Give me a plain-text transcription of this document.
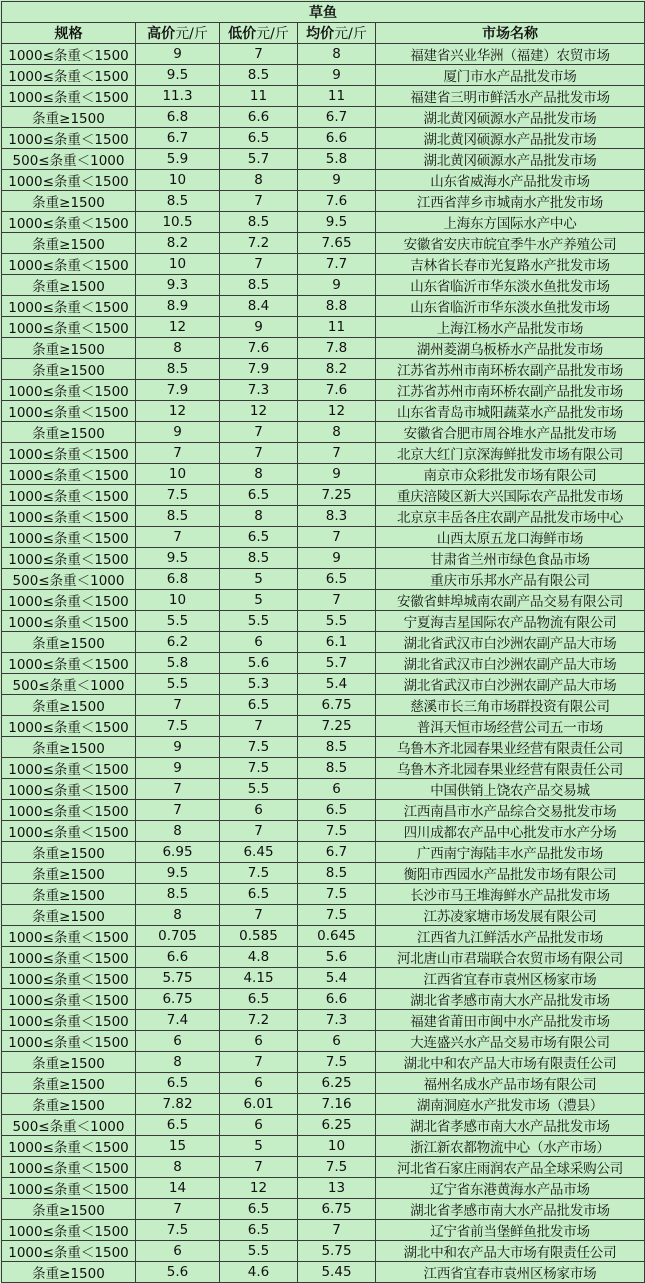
草鱼				
规格	高价元/斤	低价元/斤	均价元/斤	市场名称
1000≤条重＜1500	9	7	8	福建省兴业华洲（福建）农贸市场
1000≤条重＜1500	9.5	8.5	9	厦门市水产品批发市场
1000≤条重＜1500	11.3	11	11	福建省三明市鲜活水产品批发市场
条重≥1500	6.8	6.6	6.7	湖北黄冈硕源水产品批发市场
1000≤条重＜1500	6.7	6.5	6.6	湖北黄冈硕源水产品批发市场
500≤条重＜1000	5.9	5.7	5.8	湖北黄冈硕源水产品批发市场
1000≤条重＜1500	10	8	9	山东省威海水产品批发市场
条重≥1500	8.5	7	7.6	江西省萍乡市城南水产批发市场
1000≤条重＜1500	10.5	8.5	9.5	上海东方国际水产中心
条重≥1500	8.2	7.2	7.65	安徽省安庆市皖宜季牛水产养殖公司
1000≤条重＜1500	10	7	7.7	吉林省长春市光复路水产批发市场
条重≥1500	9.3	8.5	9	山东省临沂市华东淡水鱼批发市场
1000≤条重＜1500	8.9	8.4	8.8	山东省临沂市华东淡水鱼批发市场
1000≤条重＜1500	12	9	11	上海江杨水产品批发市场
条重≥1500	8	7.6	7.8	湖州菱湖乌板桥水产品批发市场
条重≥1500	8.5	7.9	8.2	江苏省苏州市南环桥农副产品批发市场
1000≤条重＜1500	7.9	7.3	7.6	江苏省苏州市南环桥农副产品批发市场
1000≤条重＜1500	12	12	12	山东省青岛市城阳蔬菜水产品批发市场
条重≥1500	9	7	8	安徽省合肥市周谷堆水产品批发市场
1000≤条重＜1500	7	7	7	北京大红门京深海鲜批发市场有限公司
1000≤条重＜1500	10	8	9	南京市众彩批发市场有限公司
1000≤条重＜1500	7.5	6.5	7.25	重庆涪陵区新大兴国际农产品批发市场
1000≤条重＜1500	8.5	8	8.3	北京京丰岳各庄农副产品批发市场中心
1000≤条重＜1500	7	6.5	7	山西太原五龙口海鲜市场
1000≤条重＜1500	9.5	8.5	9	甘肃省兰州市绿色食品市场
500≤条重＜1000	6.8	5	6.5	重庆市乐邦水产品有限公司
1000≤条重＜1500	10	5	7	安徽省蚌埠城南农副产品交易有限公司
1000≤条重＜1500	5.5	5.5	5.5	宁夏海吉星国际农产品物流有限公司
条重≥1500	6.2	6	6.1	湖北省武汉市白沙洲农副产品大市场
1000≤条重＜1500	5.8	5.6	5.7	湖北省武汉市白沙洲农副产品大市场
500≤条重＜1000	5.5	5.3	5.4	湖北省武汉市白沙洲农副产品大市场
条重≥1500	7	6.5	6.75	慈溪市长三角市场群投资有限公司
1000≤条重＜1500	7.5	7	7.25	普洱天恒市场经营公司五一市场
条重≥1500	9	7.5	8.5	乌鲁木齐北园春果业经营有限责任公司
1000≤条重＜1500	9	7.5	8.5	乌鲁木齐北园春果业经营有限责任公司
1000≤条重＜1500	7	5.5	6	中国供销上饶农产品交易城
1000≤条重＜1500	7	6	6.5	江西南昌市水产品综合交易批发市场
1000≤条重＜1500	8	7	7.5	四川成都农产品中心批发市水产分场
条重≥1500	6.95	6.45	6.7	广西南宁海陆丰水产品批发市场
条重≥1500	9.5	7.5	8.5	衡阳市西园水产品批发市场有限公司
条重≥1500	8.5	6.5	7.5	长沙市马王堆海鲜水产品批发市场
条重≥1500	8	7	7.5	江苏凌家塘市场发展有限公司
1000≤条重＜1500	0.705	0.585	0.645	江西省九江鲜活水产品批发市场
1000≤条重＜1500	6.6	4.8	5.6	河北唐山市君瑞联合农贸市场有限公司
1000≤条重＜1500	5.75	4.15	5.4	江西省宜春市袁州区杨家市场
1000≤条重＜1500	6.75	6.5	6.6	湖北省孝感市南大水产品批发市场
1000≤条重＜1500	7.4	7.2	7.3	福建省莆田市闽中水产品批发市场
1000≤条重＜1500	6	6	6	大连盛兴水产品交易市场有限公司
条重≥1500	8	7	7.5	湖北中和农产品大市场有限责任公司
条重≥1500	6.5	6	6.25	福州名成水产品市场有限公司
条重≥1500	7.82	6.01	7.16	湖南洞庭水产批发市场（澧县）
500≤条重＜1000	6.5	6	6.25	湖北省孝感市南大水产品批发市场
1000≤条重＜1500	15	5	10	浙江新农都物流中心（水产市场）
1000≤条重＜1500	8	7	7.5	河北省石家庄雨润农产品全球采购公司
1000≤条重＜1500	14	12	13	辽宁省东港黄海水产品市场
条重≥1500	7	6.5	6.75	湖北省孝感市南大水产品批发市场
1000≤条重＜1500	7.5	6.5	7	辽宁省前当堡鲜鱼批发市场
1000≤条重＜1500	6	5.5	5.75	湖北中和农产品大市场有限责任公司
条重≥1500	5.6	4.6	5.45	江西省宜春市袁州区杨家市场
